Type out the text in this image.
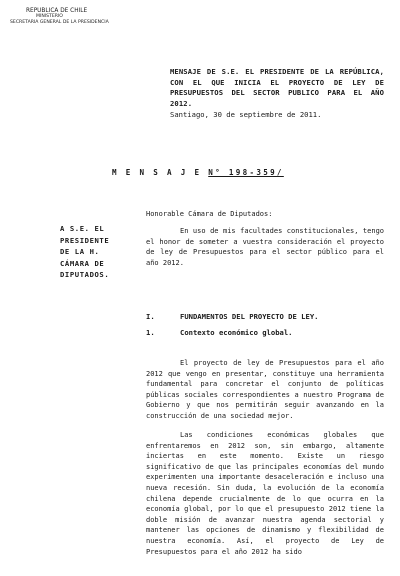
REPUBLICA DE CHILE
MINISTERIO
SECRETARIA GENERAL DE LA PRESIDENCIA
MENSAJE DE S.E. EL PRESIDENTE DE LA REPÚBLICA, CON EL QUE INICIA EL PROYECTO DE LEY DE PRESUPUESTOS DEL SECTOR PUBLICO PARA EL AÑO 2012.
Santiago, 30 de septiembre de 2011.
M E N S A J E N° 198-359/
Honorable Cámara de Diputados:
A S.E. EL
PRESIDENTE
DE LA H.
CÁMARA DE
DIPUTADOS.
En uso de mis facultades constitucionales, tengo el honor de someter a vuestra consideración el proyecto de ley de Presupuestos para el sector público para el año 2012.
I.	FUNDAMENTOS DEL PROYECTO DE LEY.
1.	Contexto económico global.
El proyecto de ley de Presupuestos para el año 2012 que vengo en presentar, constituye una herramienta fundamental para concretar el conjunto de políticas públicas sociales correspondientes a nuestro Programa de Gobierno y que nos permitirán seguir avanzando en la construcción de una sociedad mejor.
Las condiciones económicas globales que enfrentaremos en 2012 son, sin embargo, altamente inciertas en este momento. Existe un riesgo significativo de que las principales economías del mundo experimenten una importante desaceleración e incluso una nueva recesión. Sin duda, la evolución de la economía chilena depende crucialmente de lo que ocurra en la economía global, por lo que el presupuesto 2012 tiene la doble misión de avanzar nuestra agenda sectorial y mantener las opciones de dinamismo y flexibilidad de nuestra economía. Así, el proyecto de Ley de Presupuestos para el año 2012 ha sido
